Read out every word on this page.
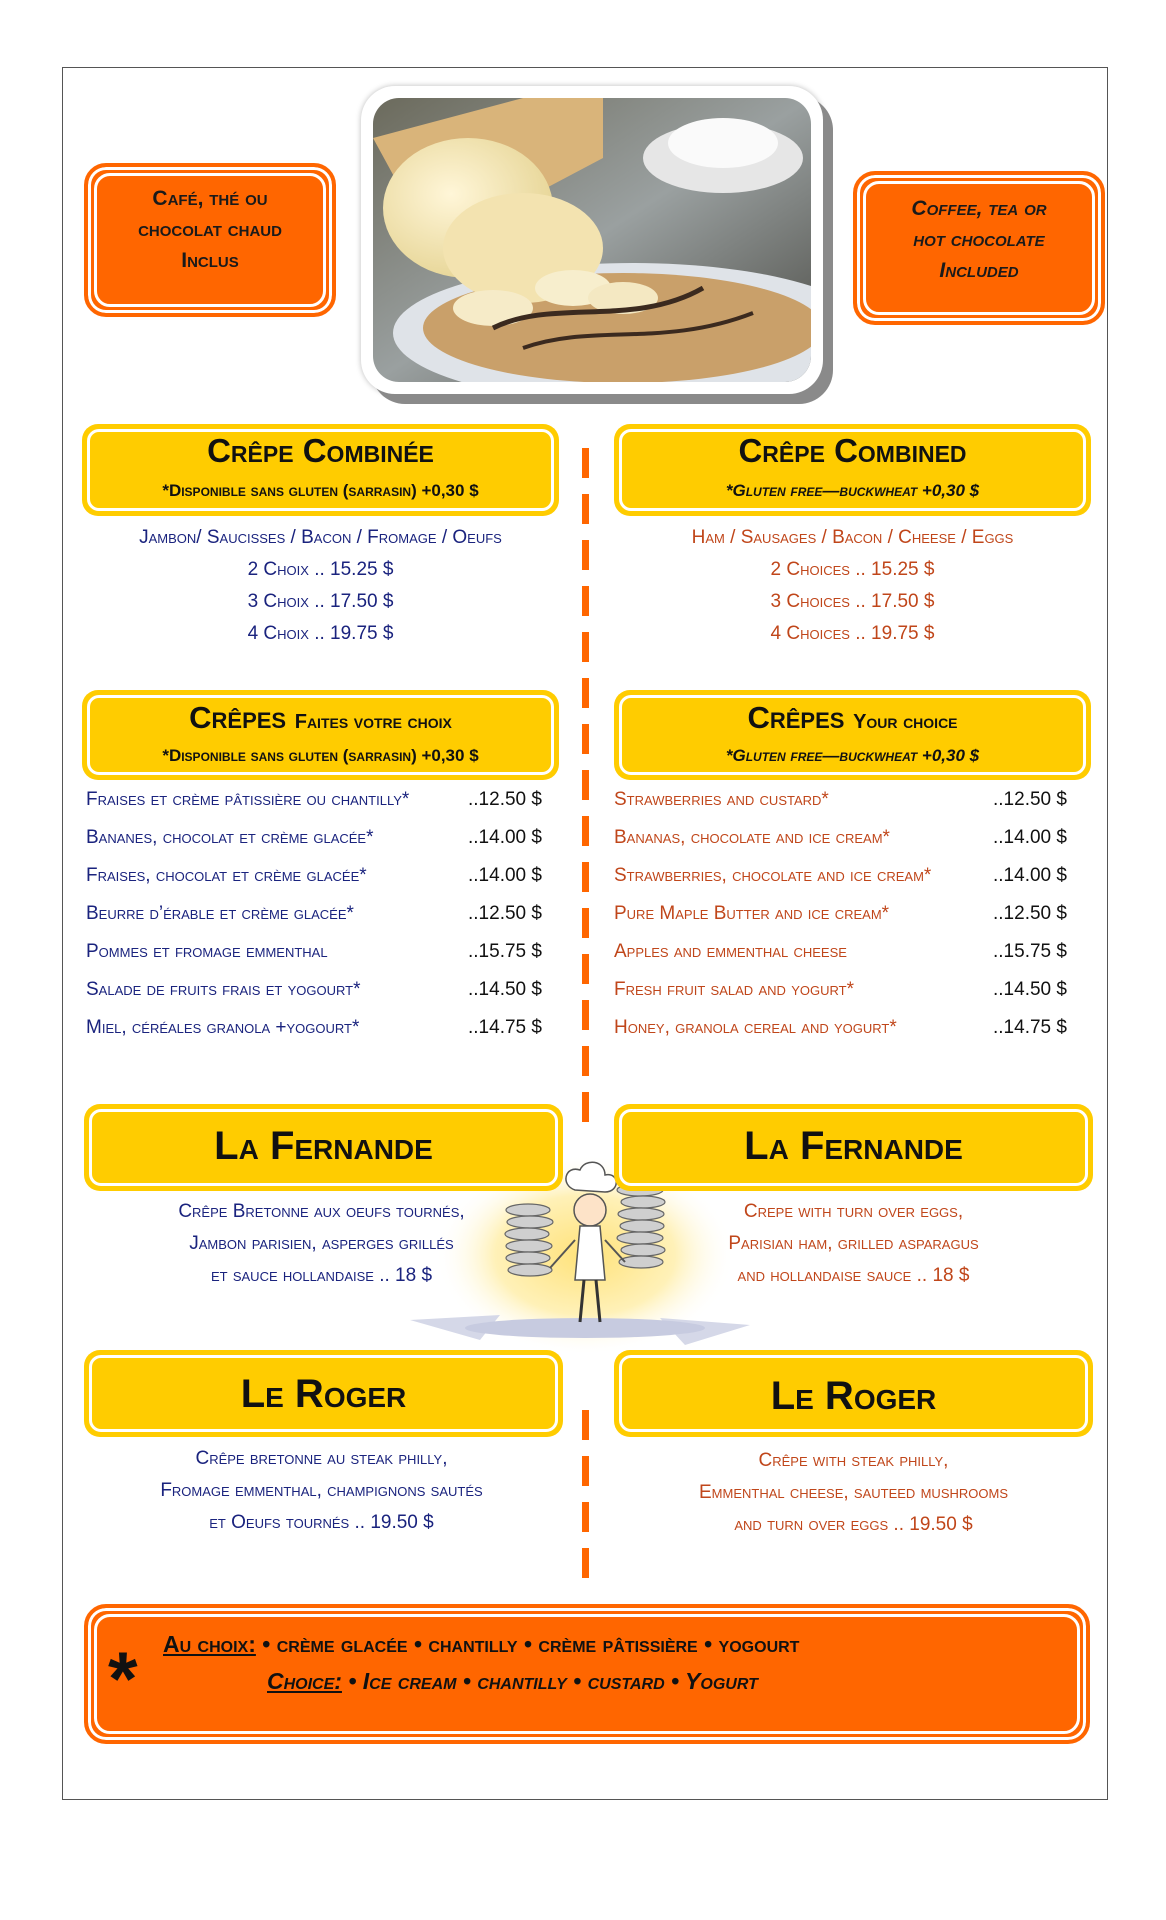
Café, thé ou
chocolat chaud
Inclus
Coffee, tea or
hot chocolate
Included
Crêpe Combinée
*Disponible sans gluten (sarrasin) +0,30 $
Crêpe Combined
*Gluten free—buckwheat +0,30 $
Jambon/ Saucisses / Bacon / Fromage / Oeufs
2 Choix .. 15.25 $
3 Choix .. 17.50 $
4 Choix .. 19.75 $
Ham / Sausages / Bacon / Cheese / Eggs
2 Choices .. 15.25 $
3 Choices .. 17.50 $
4 Choices .. 19.75 $
Crêpes Faites votre choix
*Disponible sans gluten (sarrasin) +0,30 $
Crêpes Your choice
*Gluten free—buckwheat +0,30 $
Fraises et crème pâtissière ou chantilly*	..12.50 $
Bananes, chocolat et crème glacée*	..14.00 $
Fraises, chocolat et crème glacée*	..14.00 $
Beurre d’érable et crème glacée*	..12.50 $
Pommes et fromage emmenthal	..15.75 $
Salade de fruits frais et yogourt*	..14.50 $
Miel, céréales granola +yogourt*	..14.75 $
Strawberries and custard*	..12.50 $
Bananas, chocolate and ice cream*	..14.00 $
Strawberries, chocolate and ice cream*	..14.00 $
Pure Maple Butter and ice cream*	..12.50 $
Apples and emmenthal cheese	..15.75 $
Fresh fruit salad and yogurt*	..14.50 $
Honey, granola cereal and yogurt*	..14.75 $
La Fernande	La Fernande
Crêpe Bretonne aux oeufs tournés,
Jambon parisien, asperges grillés
et sauce hollandaise .. 18 $
Crepe with turn over eggs,
Parisian ham, grilled asparagus
and hollandaise sauce .. 18 $
Le Roger	Le Roger
Crêpe bretonne au steak philly,
Fromage emmenthal, champignons sautés
et Oeufs tournés .. 19.50 $
Crêpe with steak philly,
Emmenthal cheese, sauteed mushrooms
and turn over eggs .. 19.50 $
* Au choix: • crème glacée • chantilly • crème pâtissière • yogourt
Choice: • Ice cream • chantilly • custard • Yogurt
